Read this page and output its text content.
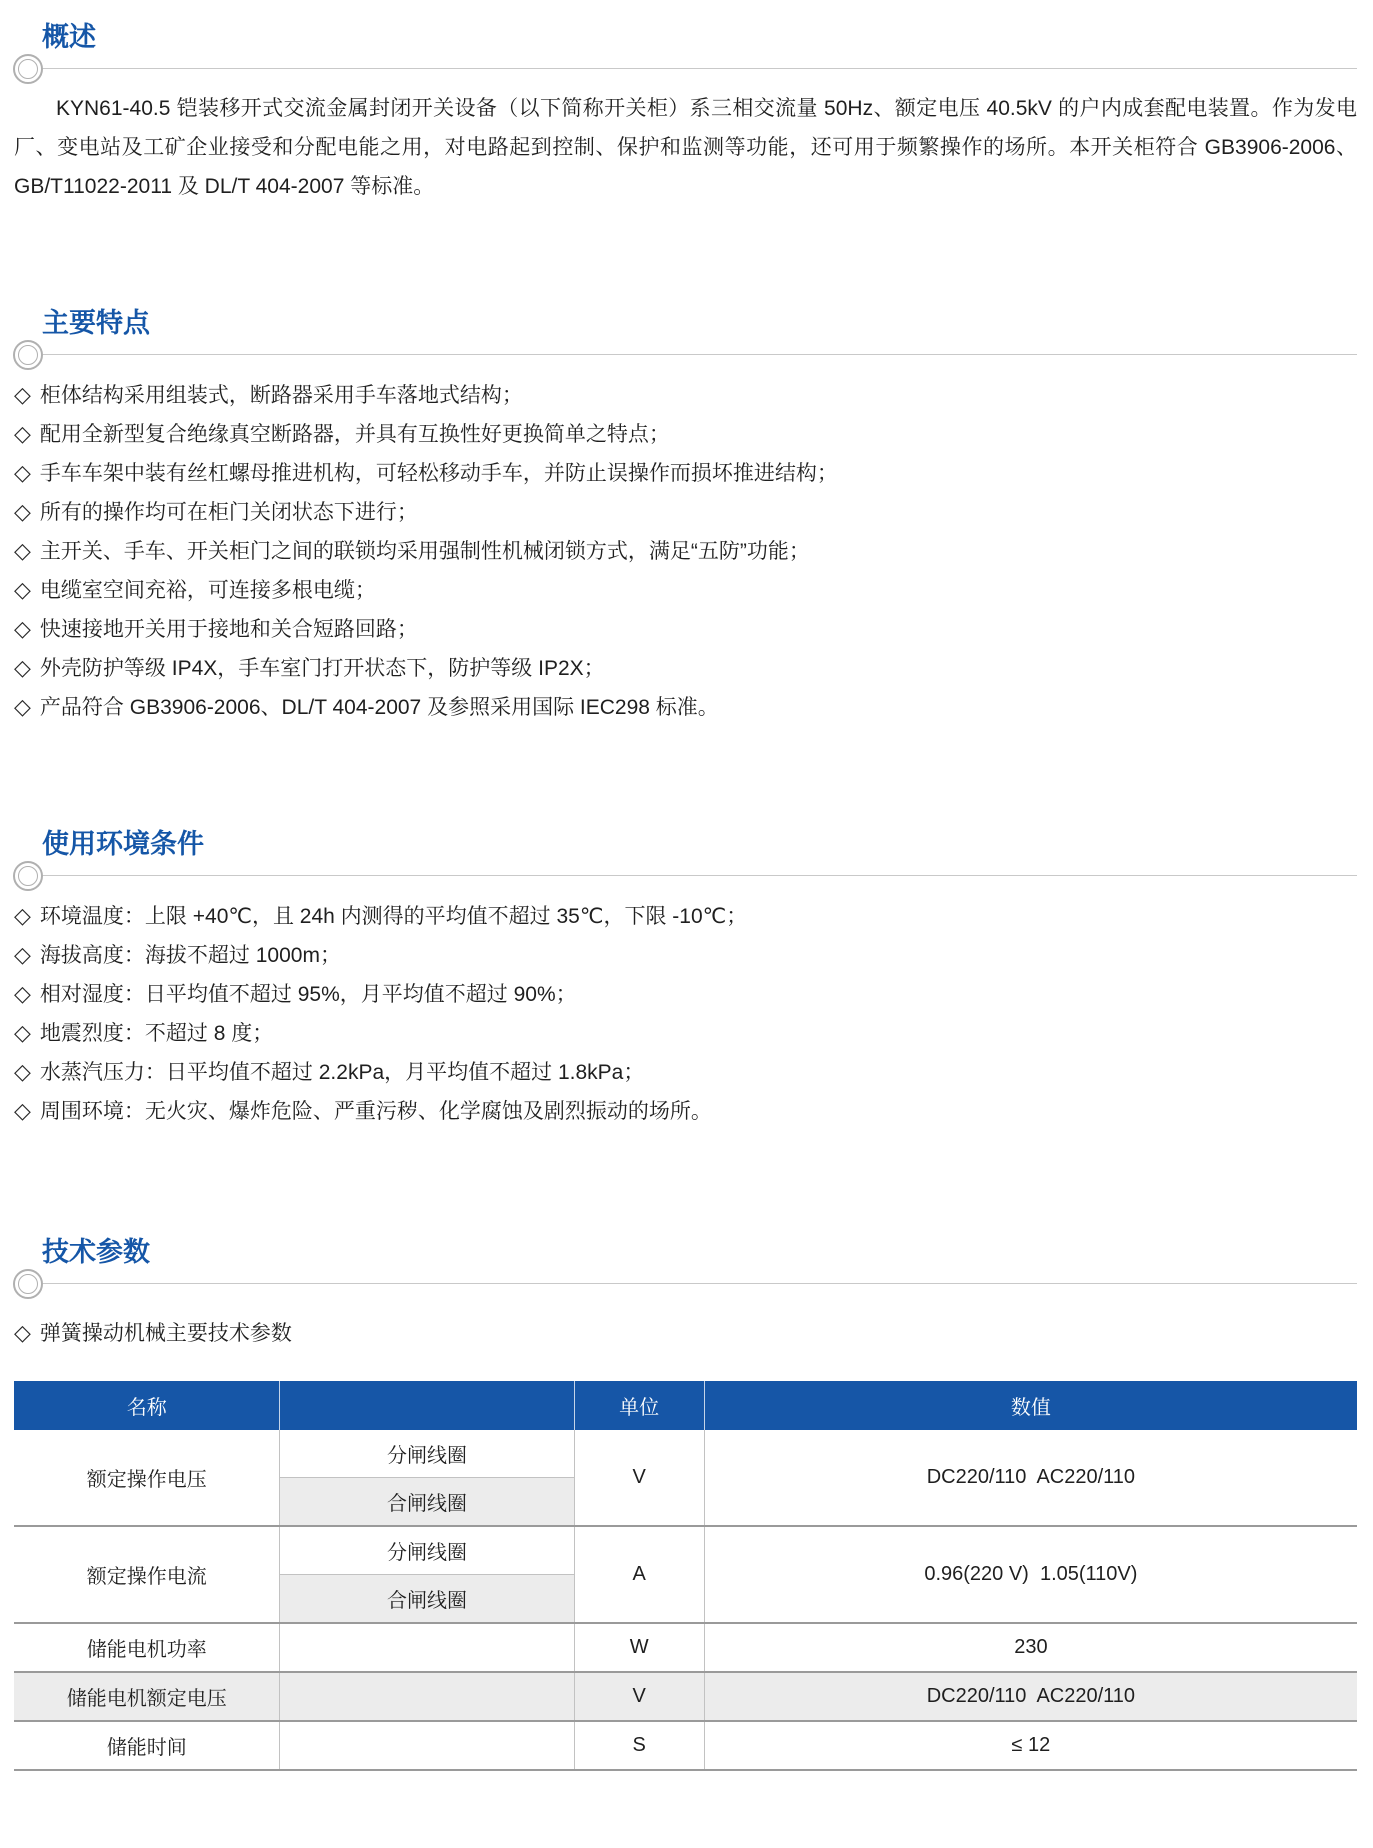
概述

KYN61-40.5 铠装移开式交流金属封闭开关设备（以下简称开关柜）系三相交流量 50Hz、额定电压 40.5kV 的户内成套配电装置。作为发电厂、变电站及工矿企业接受和分配电能之用，对电路起到控制、保护和监测等功能，还可用于频繁操作的场所。本开关柜符合 GB3906-2006、GB/T11022-2011 及 DL/T 404-2007 等标准。

主要特点
◇ 柜体结构采用组装式，断路器采用手车落地式结构；
◇ 配用全新型复合绝缘真空断路器，并具有互换性好更换简单之特点；
◇ 手车车架中装有丝杠螺母推进机构，可轻松移动手车，并防止误操作而损坏推进结构；
◇ 所有的操作均可在柜门关闭状态下进行；
◇ 主开关、手车、开关柜门之间的联锁均采用强制性机械闭锁方式，满足“五防”功能；
◇ 电缆室空间充裕，可连接多根电缆；
◇ 快速接地开关用于接地和关合短路回路；
◇ 外壳防护等级 IP4X，手车室门打开状态下，防护等级 IP2X；
◇ 产品符合 GB3906-2006、DL/T 404-2007 及参照采用国际 IEC298 标准。
使用环境条件
◇ 环境温度：上限 +40℃，且 24h 内测得的平均值不超过 35℃，下限 -10℃；
◇ 海拔高度：海拔不超过 1000m；
◇ 相对湿度：日平均值不超过 95%，月平均值不超过 90%；
◇ 地震烈度：不超过 8 度；
◇ 水蒸汽压力：日平均值不超过 2.2kPa，月平均值不超过 1.8kPa；
◇ 周围环境：无火灾、爆炸危险、严重污秽、化学腐蚀及剧烈振动的场所。
技术参数
◇ 弹簧操动机械主要技术参数
名称		单位	数值
额定操作电压	分闸线圈	V	DC220/110  AC220/110
	合闸线圈		
额定操作电流	分闸线圈	A	0.96(220 V)  1.05(110V)
	合闸线圈		
储能电机功率		W	230
储能电机额定电压		V	DC220/110  AC220/110
储能时间		S	≤ 12
